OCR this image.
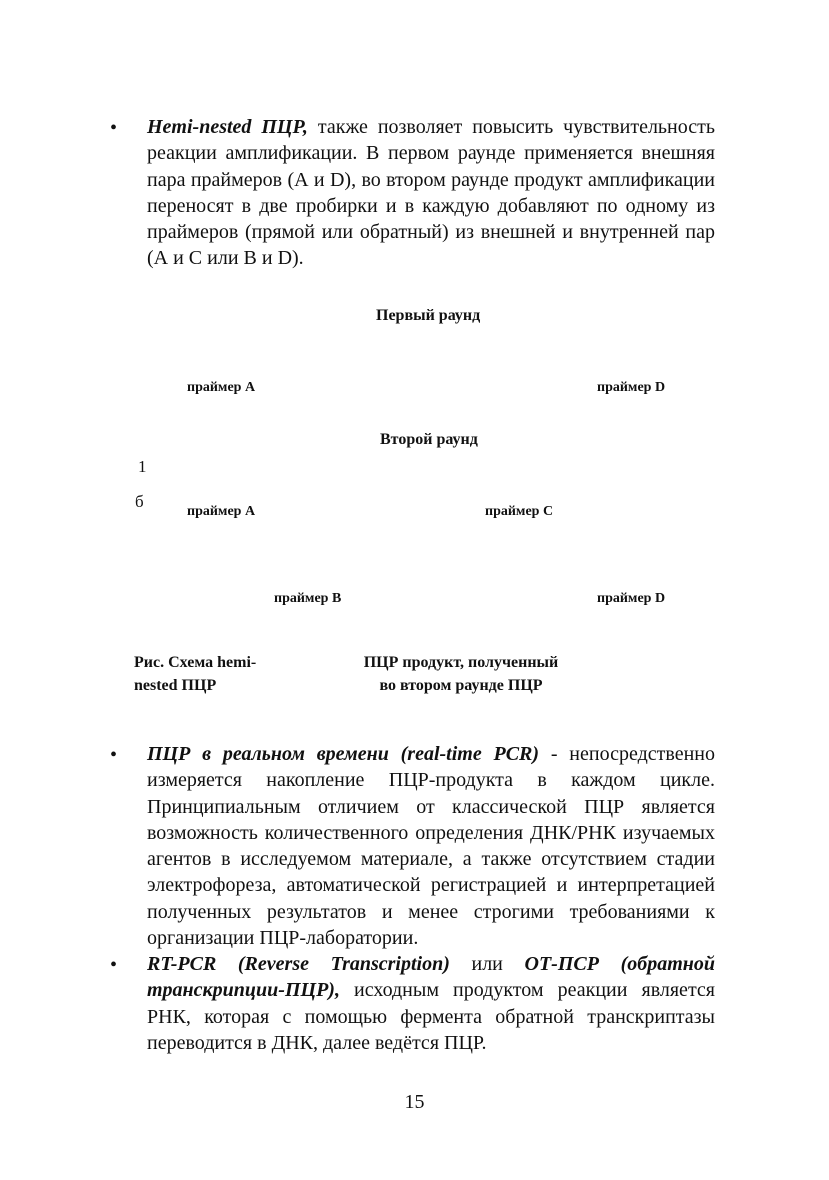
• Hemi-nested ПЦР, также позволяет повысить чувствительность реакции амплификации. В первом раунде применяется внешняя пара праймеров (А и D), во втором раунде продукт амплификации переносят в две пробирки и в каждую добавляют по одному из праймеров (прямой или обратный) из внешней и внутренней пар (А и С или В и D).
Первый раунд
праймер A	праймер D
Второй раунд
1
б
праймер A	праймер C
праймер B	праймер D
Рис. Схема hemi-
nested ПЦР
ПЦР продукт, полученный
во втором раунде ПЦР
• ПЦР в реальном времени (real-time PCR) - непосредственно измеряется накопление ПЦР-продукта в каждом цикле. Принципиальным отличием от классической ПЦР является возможность количественного определения ДНК/РНК изучаемых агентов в исследуемом материале, а также отсутствием стадии электрофореза, автоматической регистрацией и интерпретацией полученных результатов и менее строгими требованиями к организации ПЦР-лаборатории.
• RT-PCR (Reverse Transcription) или ОТ-ПСР (обратной транскрипции-ПЦР), исходным продуктом реакции является РНК, которая с помощью фермента обратной транскриптазы переводится в ДНК, далее ведётся ПЦР.
15
